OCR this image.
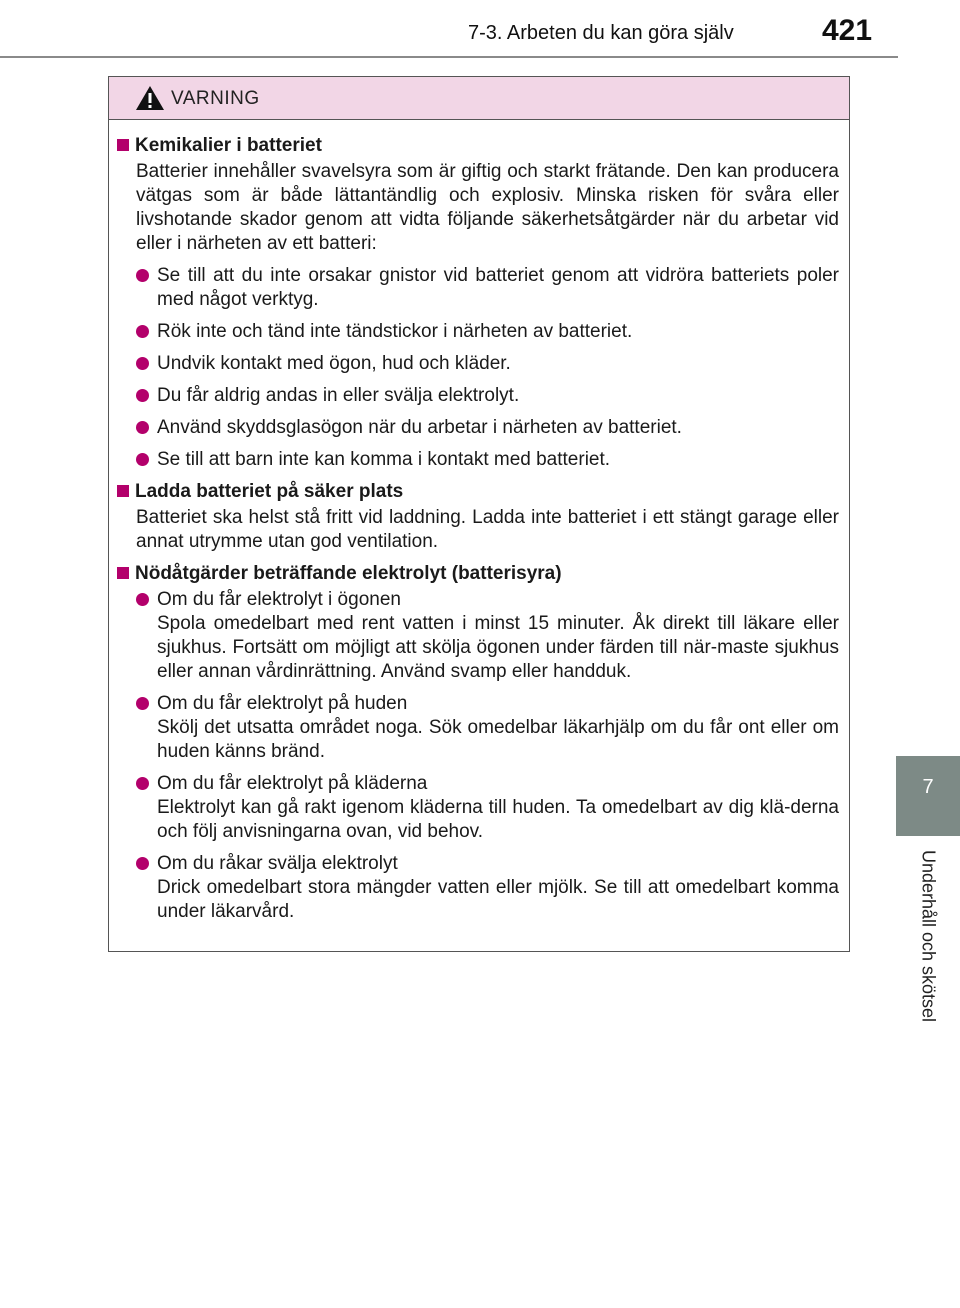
7-3. Arbeten du kan göra själv	421
7
Underhåll och skötsel
VARNING
Kemikalier i batteriet
Batterier innehåller svavelsyra som är giftig och starkt frätande. Den kan producera vätgas som är både lättantändlig och explosiv. Minska risken för svåra eller livshotande skador genom att vidta följande säkerhetsåtgärder när du arbetar vid eller i närheten av ett batteri:
Se till att du inte orsakar gnistor vid batteriet genom att vidröra batteriets poler med något verktyg.
Rök inte och tänd inte tändstickor i närheten av batteriet.
Undvik kontakt med ögon, hud och kläder.
Du får aldrig andas in eller svälja elektrolyt.
Använd skyddsglasögon när du arbetar i närheten av batteriet.
Se till att barn inte kan komma i kontakt med batteriet.
Ladda batteriet på säker plats
Batteriet ska helst stå fritt vid laddning. Ladda inte batteriet i ett stängt garage eller annat utrymme utan god ventilation.
Nödåtgärder beträffande elektrolyt (batterisyra)
Om du får elektrolyt i ögonen
Spola omedelbart med rent vatten i minst 15 minuter. Åk direkt till läkare eller sjukhus. Fortsätt om möjligt att skölja ögonen under färden till när-maste sjukhus eller annan vårdinrättning. Använd svamp eller handduk.
Om du får elektrolyt på huden
Skölj det utsatta området noga. Sök omedelbar läkarhjälp om du får ont eller om huden känns bränd.
Om du får elektrolyt på kläderna
Elektrolyt kan gå rakt igenom kläderna till huden. Ta omedelbart av dig klä-derna och följ anvisningarna ovan, vid behov.
Om du råkar svälja elektrolyt
Drick omedelbart stora mängder vatten eller mjölk. Se till att omedelbart komma under läkarvård.
